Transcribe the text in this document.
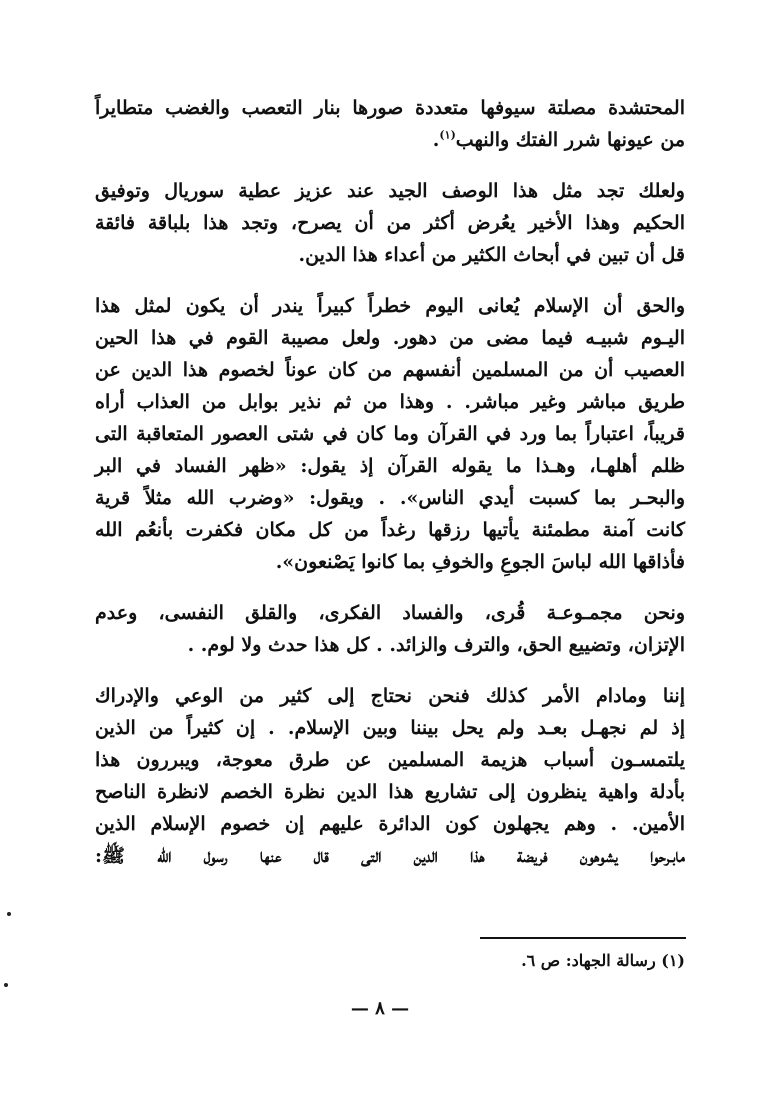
المحتشدة مصلتة سيوفها متعددة صورها بنار التعصب والغضب متطايراً
من عيونها شرر الفتك والنهب$^{(١)}$.
ولعلك تجد مثل هذا الوصف الجيد عند عزيز عطية سوريال وتوفيق
الحكيم وهذا الأخير يعُرض أكثر من أن يصرح، وتجد هذا بلباقة فائقة
قل أن تبين في أبحاث الكثير من أعداء هذا الدين.
والحق أن الإسلام يُعانى اليوم خطراً كبيراً يندر أن يكون لمثل هذا
اليـوم شبيـه فيما مضى من دهور. ولعل مصيبة القوم في هذا الحين
العصيب أن من المسلمين أنفسهم من كان عوناً لخصوم هذا الدين عن
طريق مباشر وغير مباشر. . وهذا من ثم نذير بوابل من العذاب أراه
قريباً، اعتباراً بما ورد في القرآن وما كان في شتى العصور المتعاقبة التى
ظلم أهلهـا، وهـذا ما يقوله القرآن إذ يقول: «ظهر الفساد في البر
والبحـر بما كسبت أيدي الناس». . ويقول: «وضرب الله مثلاً قرية
كانت آمنة مطمئنة يأتيها رزقها رغداً من كل مكان فكفرت بأنعُم الله
فأذاقها الله لباسَ الجوعِ والخوفِ بما كانوا يَصْنعون».
ونحن مجمـوعـة قُرى، والفساد الفكرى، والقلق النفسى، وعدم
الإتزان، وتضييع الحق، والترف والزائد. . كل هذا حدث ولا لوم. .
إننا ومادام الأمر كذلك فنحن نحتاج إلى كثير من الوعي والإدراك
إذ لم نجهـل بعـد ولم يحل بيننا وبين الإسلام. . إن كثيراً من الذين
يلتمسـون أسباب هزيمة المسلمين عن طرق معوجة، ويبررون هذا
بأدلة واهية ينظرون إلى تشاريع هذا الدين نظرة الخصم لانظرة الناصح
الأمين. . وهم يجهلون كون الدائرة عليهم إن خصوم الإسلام الذين
مابـرحوا يشوهون فريضة هذا الدين التى قال عنها رسول الله ﷺ:
(١) رسالة الجهاد: ص ٦.
— ٨ —
